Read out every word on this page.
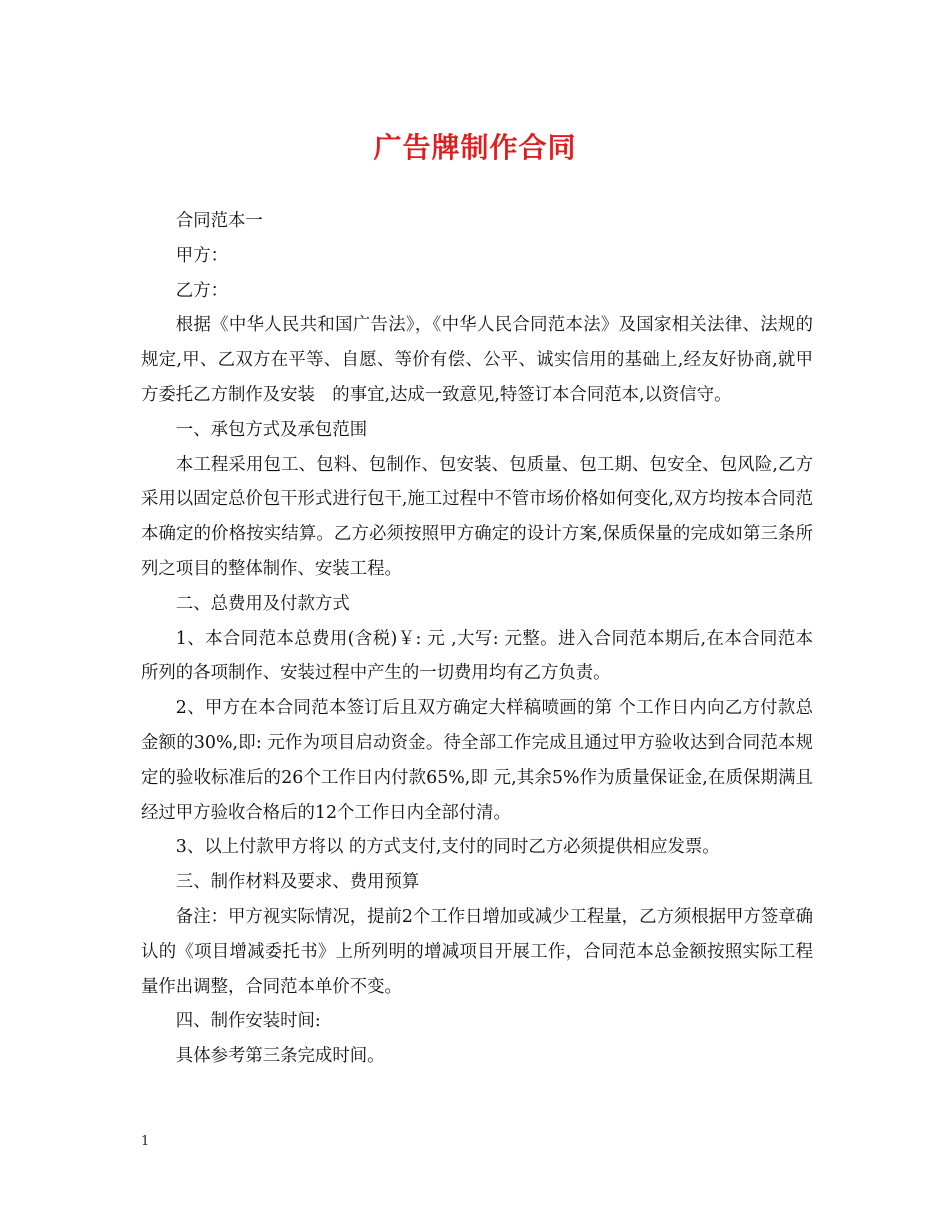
广告牌制作合同

合同范本一

甲方：

乙方：

根据《中华人民共和国广告法》，《中华人民合同范本法》及国家相关法律、法规的规定,甲、乙双方在平等、自愿、等价有偿、公平、诚实信用的基础上,经友好协商,就甲方委托乙方制作及安装　的事宜,达成一致意见,特签订本合同范本,以资信守。

一、承包方式及承包范围

本工程采用包工、包料、包制作、包安装、包质量、包工期、包安全、包风险,乙方采用以固定总价包干形式进行包干,施工过程中不管市场价格如何变化,双方均按本合同范本确定的价格按实结算。乙方必须按照甲方确定的设计方案,保质保量的完成如第三条所列之项目的整体制作、安装工程。

二、总费用及付款方式

1、本合同范本总费用(含税)￥: 元 ,大写: 元整。进入合同范本期后,在本合同范本所列的各项制作、安装过程中产生的一切费用均有乙方负责。

2、甲方在本合同范本签订后且双方确定大样稿喷画的第 个工作日内向乙方付款总金额的30%,即: 元作为项目启动资金。待全部工作完成且通过甲方验收达到合同范本规定的验收标准后的26个工作日内付款65%,即 元,其余5%作为质量保证金,在质保期满且经过甲方验收合格后的12个工作日内全部付清。

3、以上付款甲方将以 的方式支付,支付的同时乙方必须提供相应发票。

三、制作材料及要求、费用预算

备注：甲方视实际情况，提前2个工作日增加或减少工程量，乙方须根据甲方签章确认的《项目增减委托书》上所列明的增减项目开展工作，合同范本总金额按照实际工程量作出调整，合同范本单价不变。

四、制作安装时间:

具体参考第三条完成时间。

1
